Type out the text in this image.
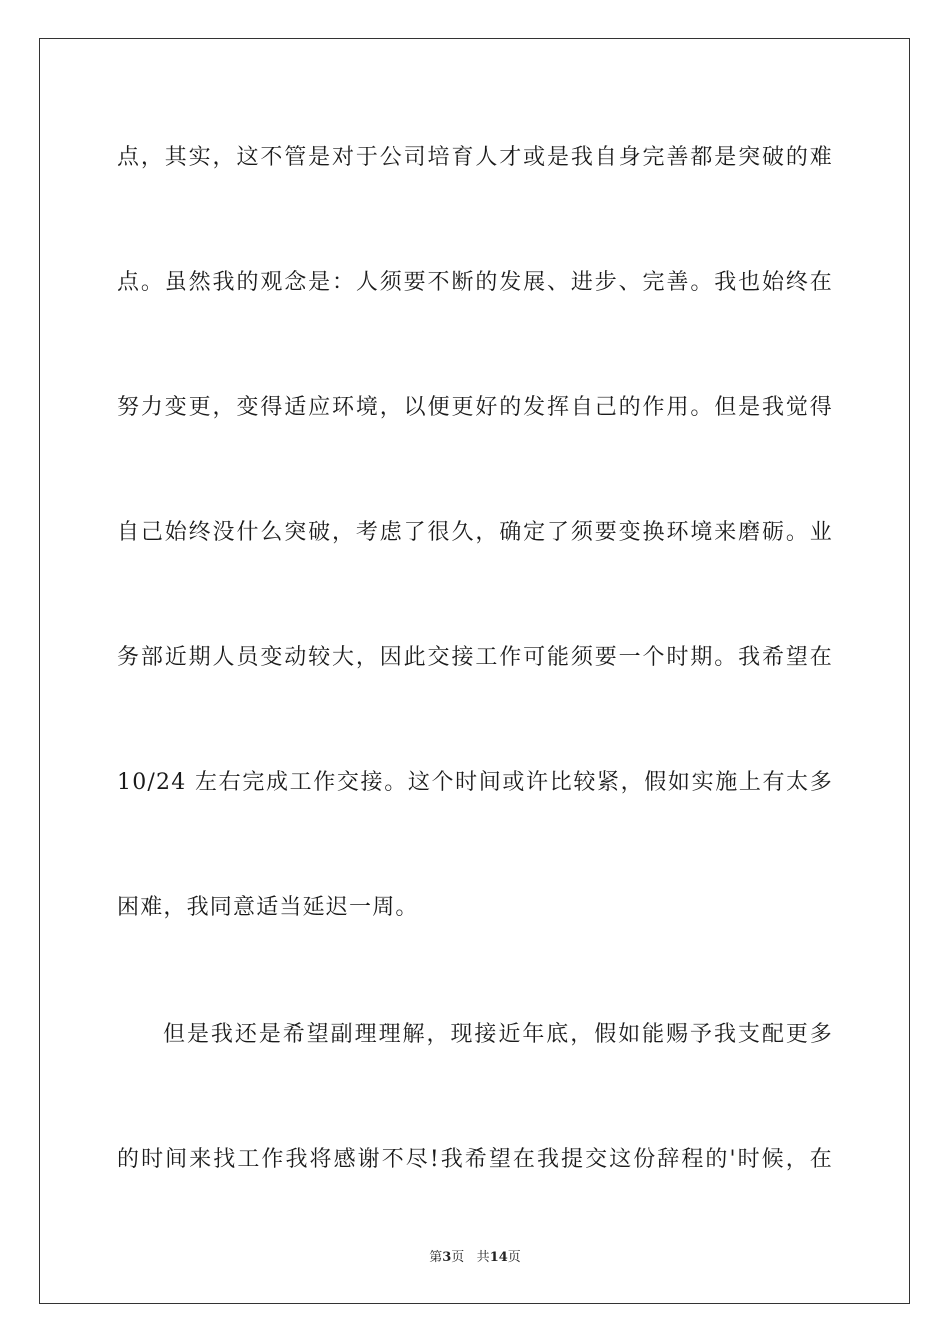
点，其实，这不管是对于公司培育人才或是我自身完善都是突破的难
点。虽然我的观念是：人须要不断的发展、进步、完善。我也始终在
努力变更，变得适应环境，以便更好的发挥自己的作用。但是我觉得
自己始终没什么突破，考虑了很久，确定了须要变换环境来磨砺。业
务部近期人员变动较大，因此交接工作可能须要一个时期。我希望在
10/24 左右完成工作交接。这个时间或许比较紧，假如实施上有太多
困难，我同意适当延迟一周。
但是我还是希望副理理解，现接近年底，假如能赐予我支配更多
的时间来找工作我将感谢不尽!我希望在我提交这份辞程的'时候，在
第3页 共14页
